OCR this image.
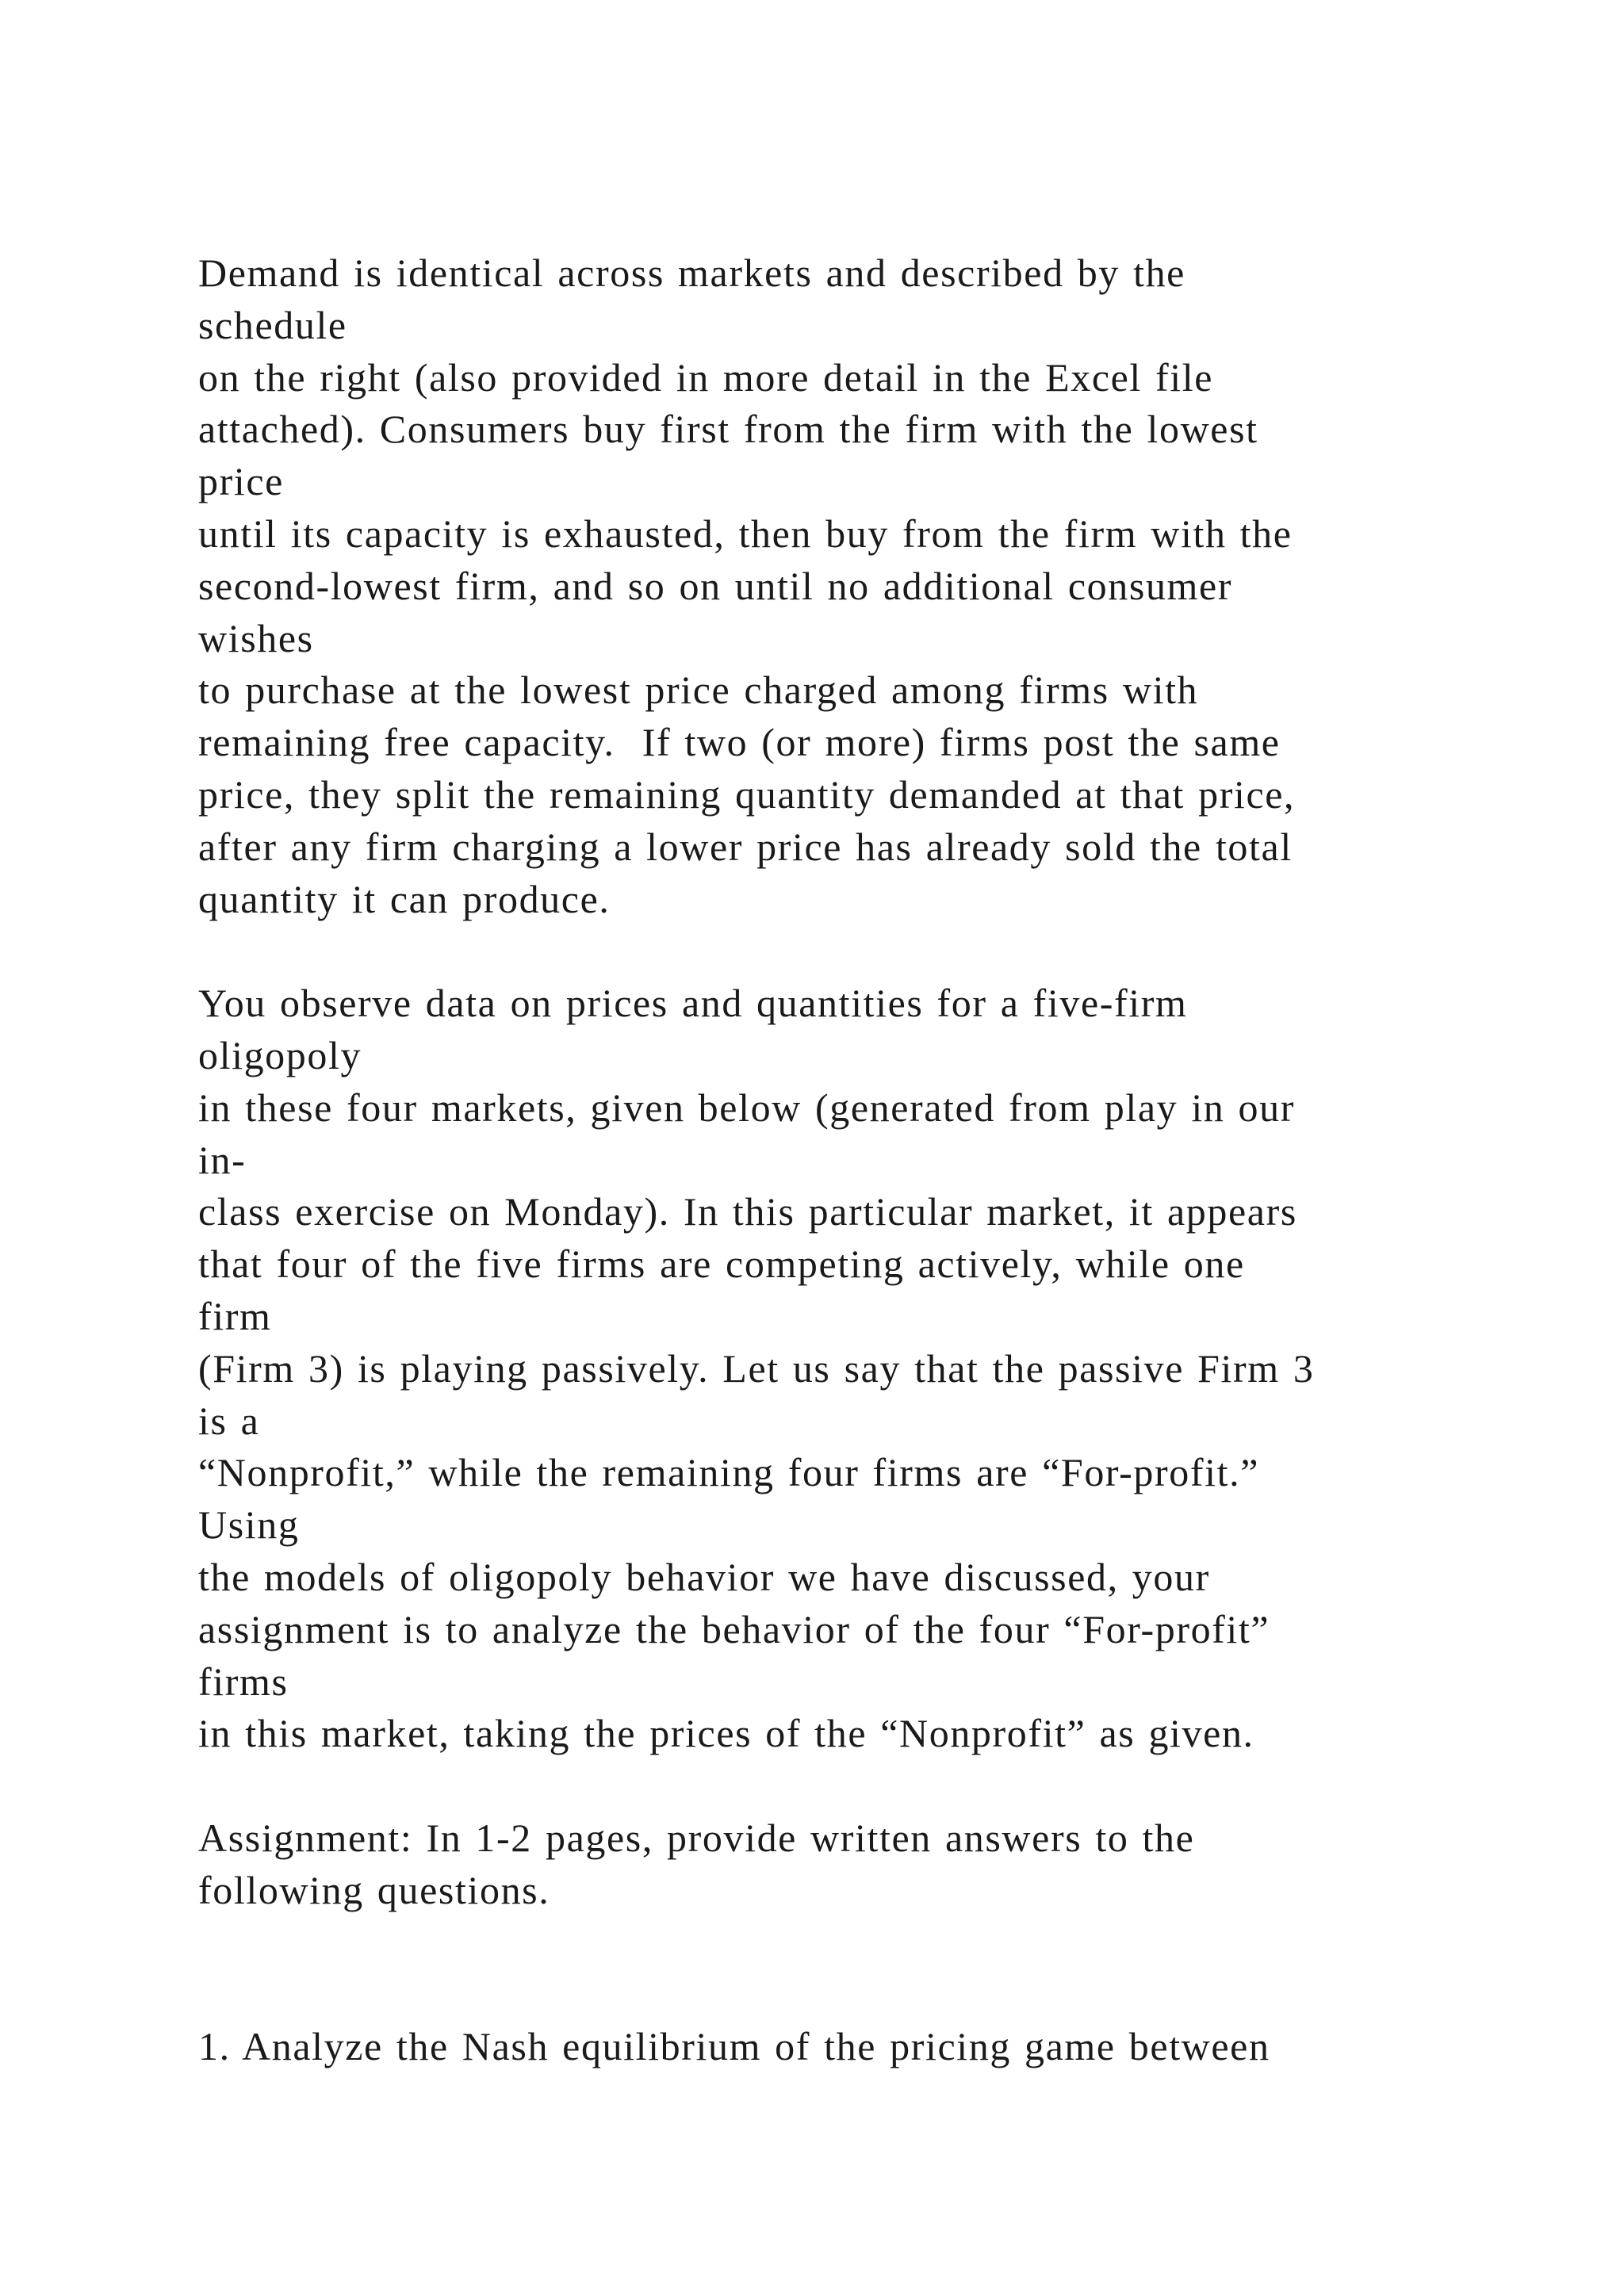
Demand is identical across markets and described by the
schedule
on the right (also provided in more detail in the Excel file
attached). Consumers buy first from the firm with the lowest
price
until its capacity is exhausted, then buy from the firm with the
second-lowest firm, and so on until no additional consumer
wishes
to purchase at the lowest price charged among firms with
remaining free capacity.  If two (or more) firms post the same
price, they split the remaining quantity demanded at that price,
after any firm charging a lower price has already sold the total
quantity it can produce.
You observe data on prices and quantities for a five-firm
oligopoly
in these four markets, given below (generated from play in our
in-
class exercise on Monday). In this particular market, it appears
that four of the five firms are competing actively, while one
firm
(Firm 3) is playing passively. Let us say that the passive Firm 3
is a
“Nonprofit,” while the remaining four firms are “For-profit.”
Using
the models of oligopoly behavior we have discussed, your
assignment is to analyze the behavior of the four “For-profit”
firms
in this market, taking the prices of the “Nonprofit” as given.
Assignment: In 1-2 pages, provide written answers to the
following questions.
1. Analyze the Nash equilibrium of the pricing game between
